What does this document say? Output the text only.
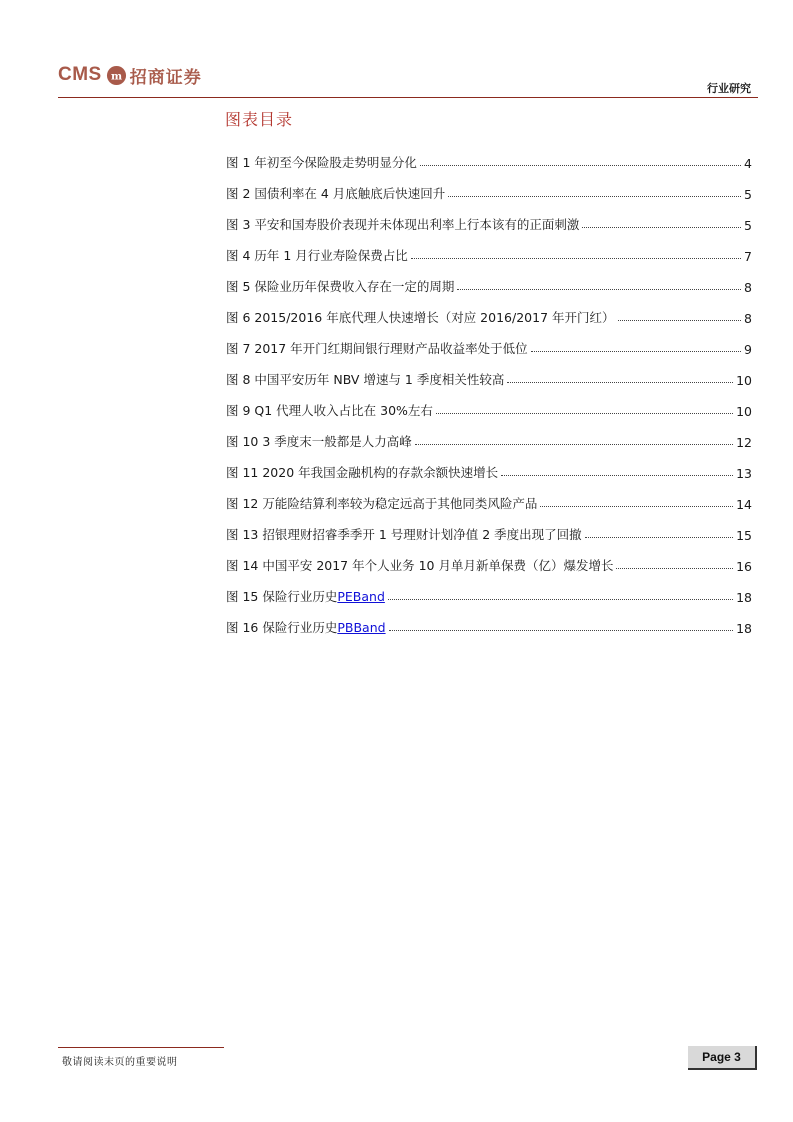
CMS m 招商证券
行业研究
图表目录
图 1 年初至今保险股走势明显分化	4
图 2 国债利率在 4 月底触底后快速回升	5
图 3 平安和国寿股价表现并未体现出利率上行本该有的正面刺激	5
图 4 历年 1 月行业寿险保费占比	7
图 5 保险业历年保费收入存在一定的周期	8
图 6 2015/2016 年底代理人快速增长（对应 2016/2017 年开门红）	8
图 7 2017 年开门红期间银行理财产品收益率处于低位	9
图 8 中国平安历年 NBV 增速与 1 季度相关性较高	10
图 9 Q1 代理人收入占比在 30%左右	10
图 10 3 季度末一般都是人力高峰	12
图 11 2020 年我国金融机构的存款余额快速增长	13
图 12 万能险结算利率较为稳定远高于其他同类风险产品	14
图 13 招银理财招睿季季开 1 号理财计划净值 2 季度出现了回撤	15
图 14 中国平安 2017 年个人业务 10 月单月新单保费（亿）爆发增长	16
图 15 保险行业历史PEBand	18
图 16 保险行业历史PBBand	18
敬请阅读末页的重要说明	Page 3
